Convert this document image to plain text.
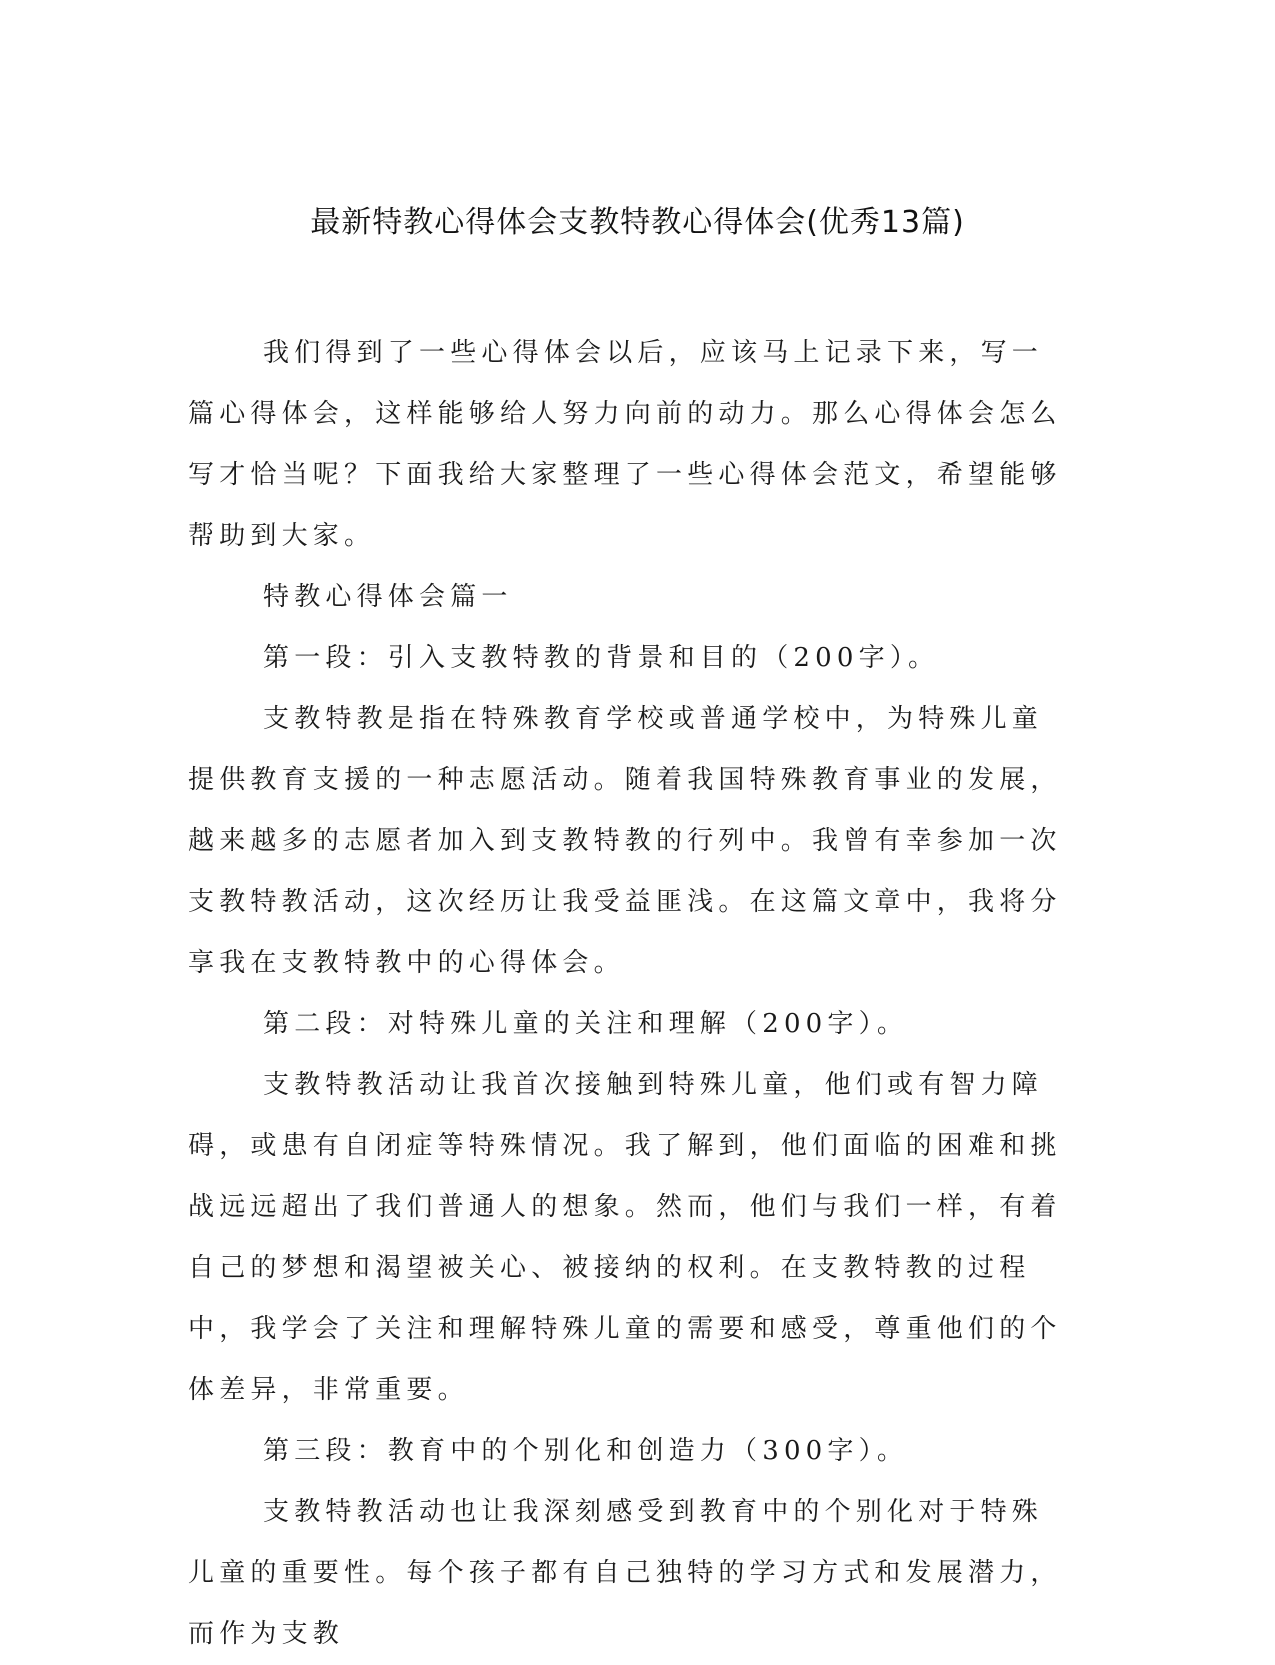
最新特教心得体会支教特教心得体会(优秀13篇)

我们得到了一些心得体会以后，应该马上记录下来，写一篇心得体会，这样能够给人努力向前的动力。那么心得体会怎么写才恰当呢？下面我给大家整理了一些心得体会范文，希望能够帮助到大家。

特教心得体会篇一

第一段：引入支教特教的背景和目的（200字）。

支教特教是指在特殊教育学校或普通学校中，为特殊儿童提供教育支援的一种志愿活动。随着我国特殊教育事业的发展，越来越多的志愿者加入到支教特教的行列中。我曾有幸参加一次支教特教活动，这次经历让我受益匪浅。在这篇文章中，我将分享我在支教特教中的心得体会。

第二段：对特殊儿童的关注和理解（200字）。

支教特教活动让我首次接触到特殊儿童，他们或有智力障碍，或患有自闭症等特殊情况。我了解到，他们面临的困难和挑战远远超出了我们普通人的想象。然而，他们与我们一样，有着自己的梦想和渴望被关心、被接纳的权利。在支教特教的过程中，我学会了关注和理解特殊儿童的需要和感受，尊重他们的个体差异，非常重要。

第三段：教育中的个别化和创造力（300字）。

支教特教活动也让我深刻感受到教育中的个别化对于特殊儿童的重要性。每个孩子都有自己独特的学习方式和发展潜力，而作为支教
